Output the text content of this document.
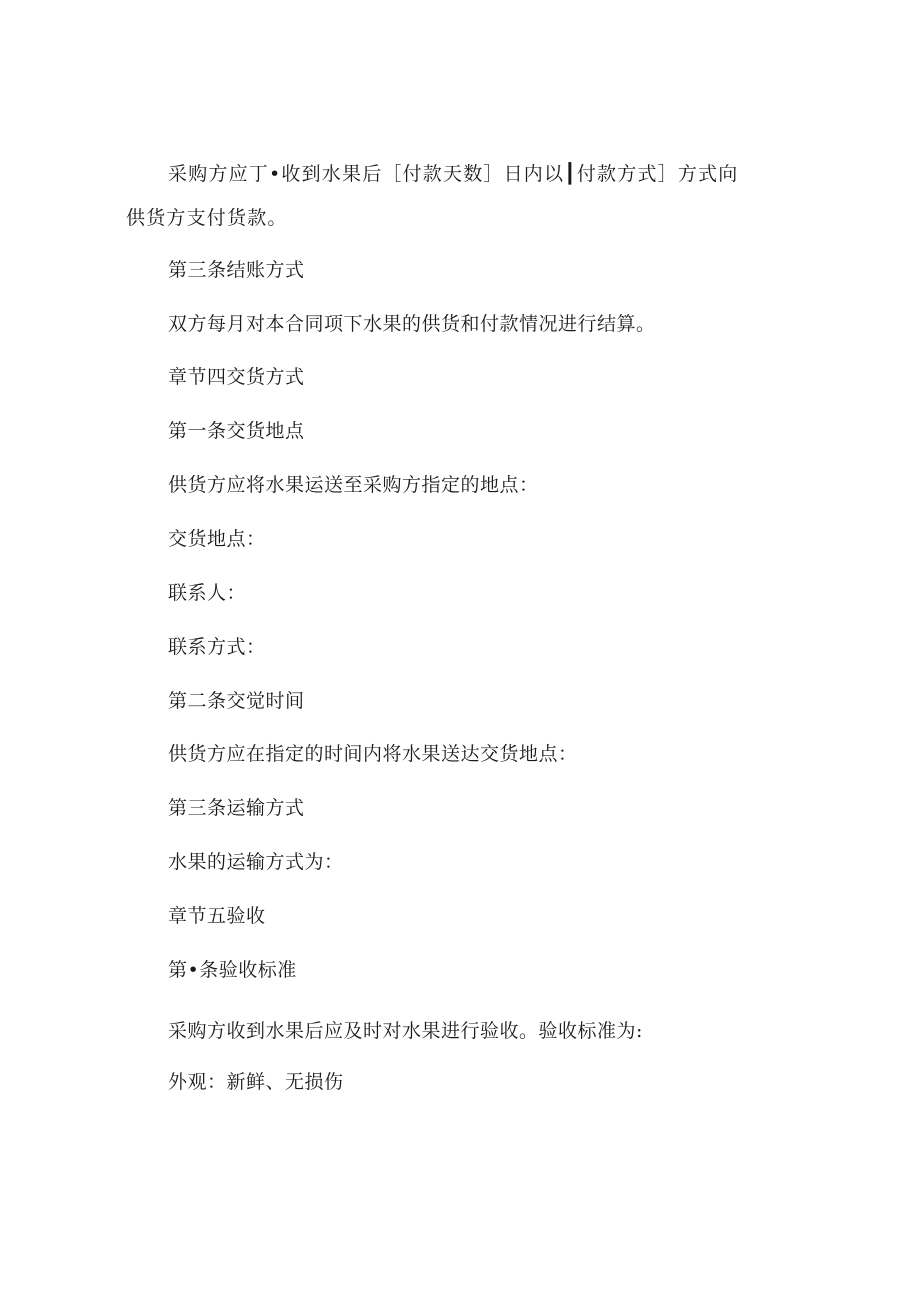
采购方应丁•收到水果后［付款天数］日内以┃付款方式］方式向供货方支付货款。

第三条结账方式

双方每月对本合同项下水果的供货和付款情况进行结算。

章节四交货方式

第一条交货地点

供货方应将水果运送至采购方指定的地点：

交货地点：

联系人：

联系方式：

第二条交觉时间

供货方应在指定的时间内将水果送达交货地点：

第三条运输方式

水果的运输方式为：

章节五验收

第•条验收标准

采购方收到水果后应及时对水果进行验收。验收标准为:

外观：新鲜、无损伤
